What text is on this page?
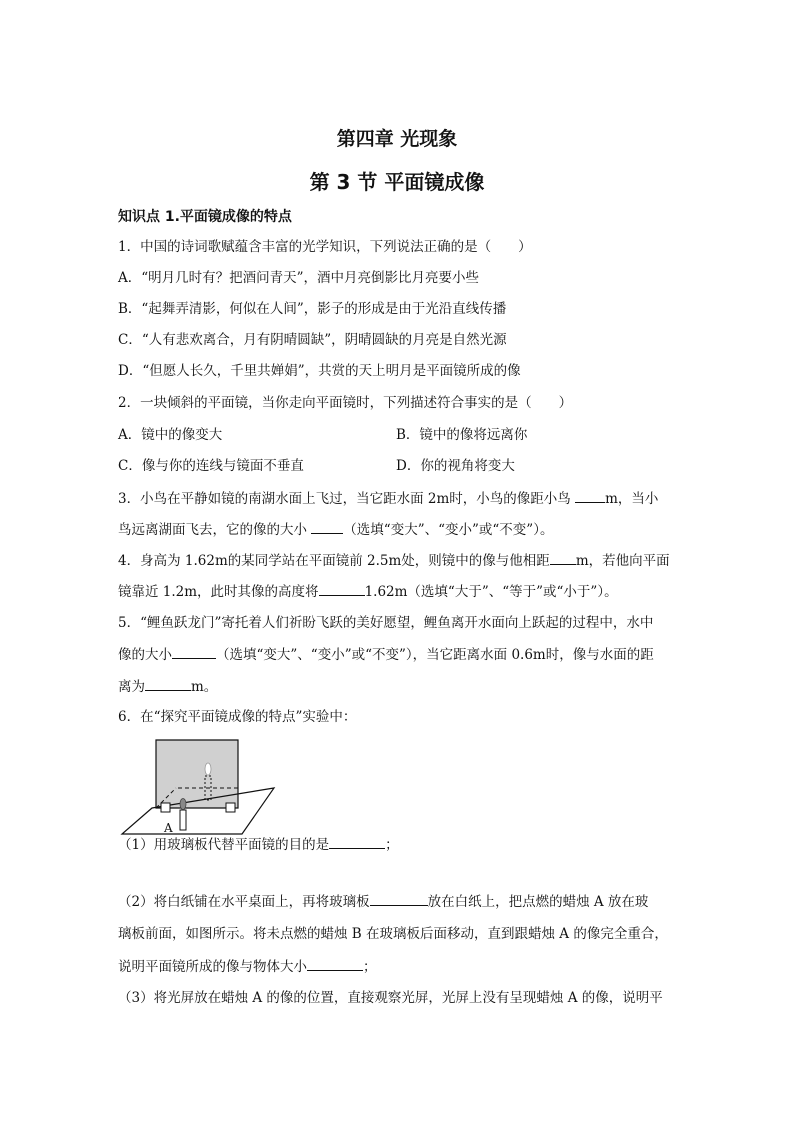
第四章 光现象
第 3 节 平面镜成像
知识点 1.平面镜成像的特点
1．中国的诗词歌赋蕴含丰富的光学知识，下列说法正确的是（　　）
A．“明月几时有？把酒问青天”，酒中月亮倒影比月亮要小些
B．“起舞弄清影，何似在人间”，影子的形成是由于光沿直线传播
C．“人有悲欢离合，月有阴晴圆缺”，阴晴圆缺的月亮是自然光源
D．“但愿人长久，千里共婵娟”，共赏的天上明月是平面镜所成的像
2．一块倾斜的平面镜，当你走向平面镜时，下列描述符合事实的是（　　）
A．镜中的像变大	B．镜中的像将远离你
C．像与你的连线与镜面不垂直	D．你的视角将变大
3．小鸟在平静如镜的南湖水面上飞过，当它距水面 2m时，小鸟的像距小鸟 m，当小
鸟远离湖面飞去，它的像的大小 （选填“变大”、“变小”或“不变”）。
4．身高为 1.62m的某同学站在平面镜前 2.5m处，则镜中的像与他相距 m，若他向平面
镜靠近 1.2m，此时其像的高度将	1.62m（选填“大于”、“等于”或“小于”）。
5．“鲤鱼跃龙门”寄托着人们祈盼飞跃的美好愿望，鲤鱼离开水面向上跃起的过程中，水中
像的大小	（选填“变大”、“变小”或“不变”），当它距离水面 0.6m时，像与水面的距
离为	m。
6．在“探究平面镜成像的特点”实验中：
A
（1）用玻璃板代替平面镜的目的是	；
（2）将白纸铺在水平桌面上，再将玻璃板	放在白纸上，把点燃的蜡烛 A 放在玻
璃板前面，如图所示。将未点燃的蜡烛 B 在玻璃板后面移动，直到跟蜡烛 A 的像完全重合，
说明平面镜所成的像与物体大小	；
（3）将光屏放在蜡烛 A 的像的位置，直接观察光屏，光屏上没有呈现蜡烛 A 的像，说明平
